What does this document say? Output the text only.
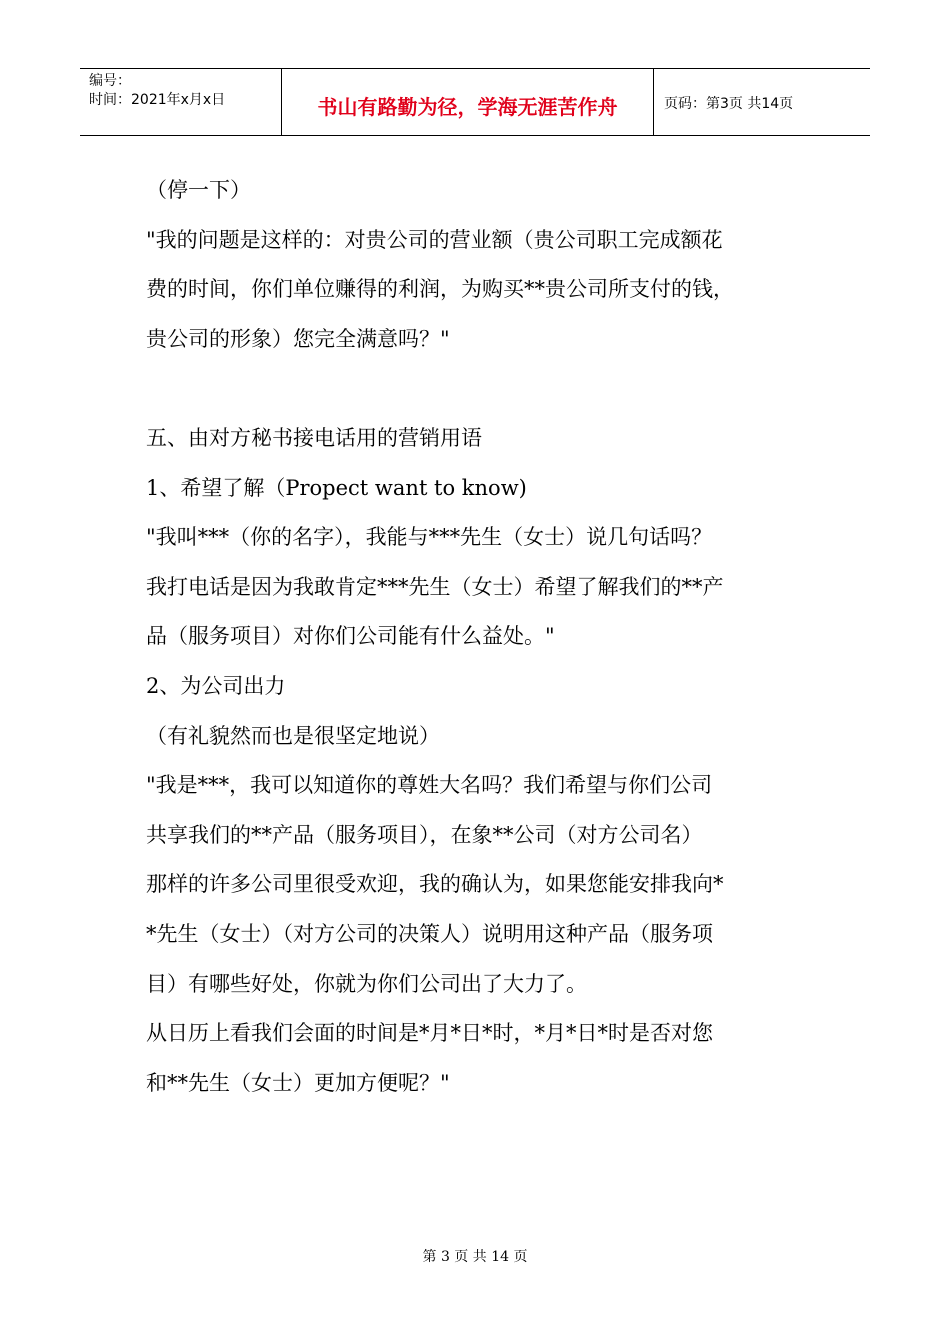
编号：
时间：2021年x月x日	书山有路勤为径，学海无涯苦作舟	页码：第3页 共14页

（停一下）

"我的问题是这样的：对贵公司的营业额（贵公司职工完成额花

费的时间，你们单位赚得的利润，为购买**贵公司所支付的钱，

贵公司的形象）您完全满意吗？"

五、由对方秘书接电话用的营销用语

1、希望了解（Propect want to know)

"我叫***（你的名字），我能与***先生（女士）说几句话吗？

我打电话是因为我敢肯定***先生（女士）希望了解我们的**产

品（服务项目）对你们公司能有什么益处。"

2、为公司出力

（有礼貌然而也是很坚定地说）

"我是***，我可以知道你的尊姓大名吗？我们希望与你们公司

共享我们的**产品（服务项目），在象**公司（对方公司名）

那样的许多公司里很受欢迎，我的确认为，如果您能安排我向*

*先生（女士）（对方公司的决策人）说明用这种产品（服务项

目）有哪些好处，你就为你们公司出了大力了。

从日历上看我们会面的时间是*月*日*时，*月*日*时是否对您

和**先生（女士）更加方便呢？"

第 3 页 共 14 页
